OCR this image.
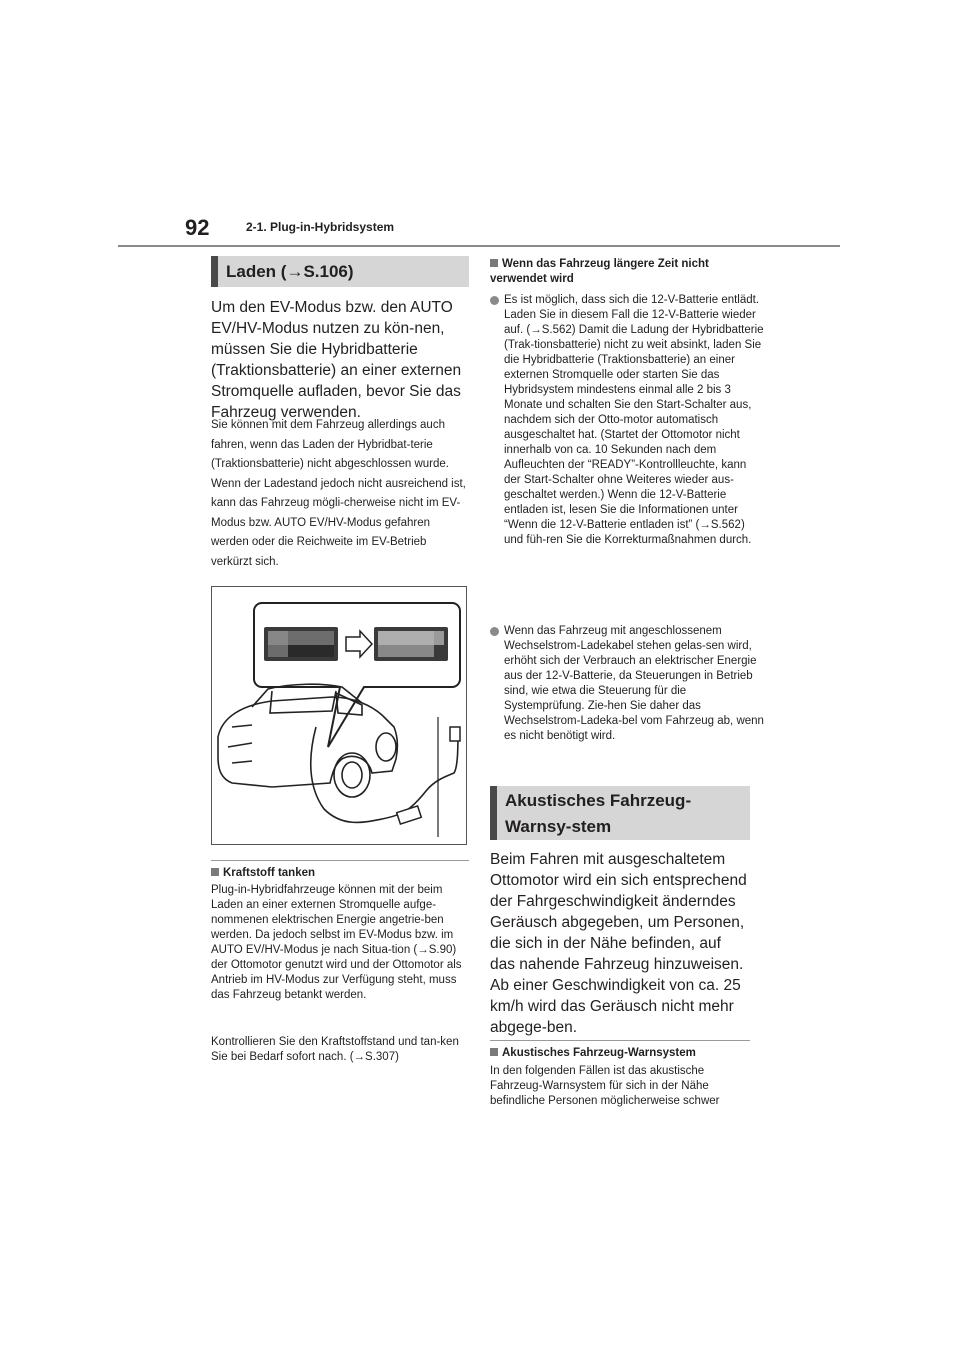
92	2-1. Plug-in-Hybridsystem
Laden (→S.106)
Um den EV-Modus bzw. den AUTO EV/HV-Modus nutzen zu kön-nen, müssen Sie die Hybridbatterie (Traktionsbatterie) an einer externen Stromquelle aufladen, bevor Sie das Fahrzeug verwenden.
Sie können mit dem Fahrzeug allerdings auch fahren, wenn das Laden der Hybridbat-terie (Traktionsbatterie) nicht abgeschlossen wurde. Wenn der Ladestand jedoch nicht ausreichend ist, kann das Fahrzeug mögli-cherweise nicht im EV-Modus bzw. AUTO EV/HV-Modus gefahren werden oder die Reichweite im EV-Betrieb verkürzt sich.
Kraftstoff tanken
Plug-in-Hybridfahrzeuge können mit der beim Laden an einer externen Stromquelle aufge-nommenen elektrischen Energie angetrie-ben werden. Da jedoch selbst im EV-Modus bzw. im AUTO EV/HV-Modus je nach Situa-tion (→S.90) der Ottomotor genutzt wird und der Ottomotor als Antrieb im HV-Modus zur Verfügung steht, muss das Fahrzeug betankt werden.
Kontrollieren Sie den Kraftstoffstand und tan-ken Sie bei Bedarf sofort nach. (→S.307)
Wenn das Fahrzeug längere Zeit nicht verwendet wird
Es ist möglich, dass sich die 12-V-Batterie entlädt. Laden Sie in diesem Fall die 12-V-Batterie wieder auf. (→S.562) Damit die Ladung der Hybridbatterie (Trak-tionsbatterie) nicht zu weit absinkt, laden Sie die Hybridbatterie (Traktionsbatterie) an einer externen Stromquelle oder starten Sie das Hybridsystem mindestens einmal alle 2 bis 3 Monate und schalten Sie den Start-Schalter aus, nachdem sich der Otto-motor automatisch ausgeschaltet hat. (Startet der Ottomotor nicht innerhalb von ca. 10 Sekunden nach dem Aufleuchten der “READY”-Kontrollleuchte, kann der Start-Schalter ohne Weiteres wieder aus-geschaltet werden.) Wenn die 12-V-Batterie entladen ist, lesen Sie die Informationen unter “Wenn die 12-V-Batterie entladen ist” (→S.562) und füh-ren Sie die Korrekturmaßnahmen durch.
Wenn das Fahrzeug mit angeschlossenem Wechselstrom-Ladekabel stehen gelas-sen wird, erhöht sich der Verbrauch an elektrischer Energie aus der 12-V-Batterie, da Steuerungen in Betrieb sind, wie etwa die Steuerung für die Systemprüfung. Zie-hen Sie daher das Wechselstrom-Ladeka-bel vom Fahrzeug ab, wenn es nicht benötigt wird.
Akustisches Fahrzeug-Warnsy-stem
Beim Fahren mit ausgeschaltetem Ottomotor wird ein sich entsprechend der Fahrgeschwindigkeit änderndes Geräusch abgegeben, um Personen, die sich in der Nähe befinden, auf das nahende Fahrzeug hinzuweisen. Ab einer Geschwindigkeit von ca. 25 km/h wird das Geräusch nicht mehr abgege-ben.
Akustisches Fahrzeug-Warnsystem
In den folgenden Fällen ist das akustische Fahrzeug-Warnsystem für sich in der Nähe befindliche Personen möglicherweise schwer
